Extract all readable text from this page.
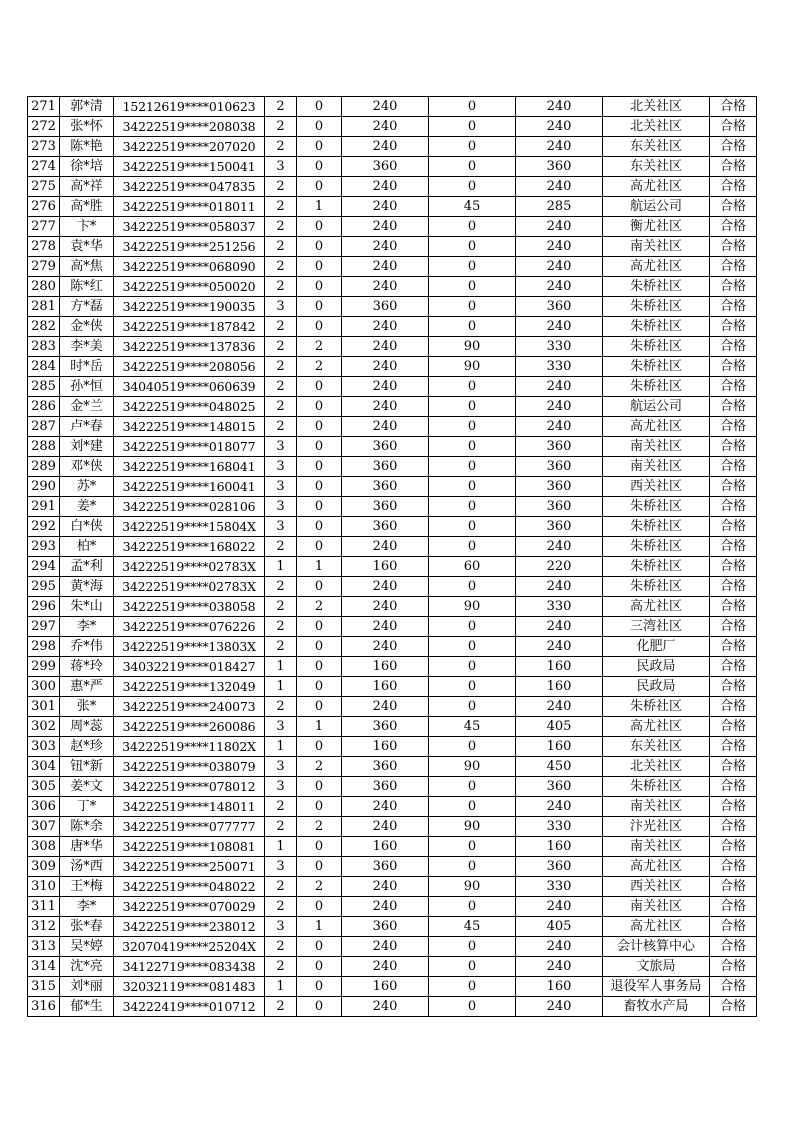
271	郭*清	15212619****010623	2	0	240	0	240	北关社区	合格
272	张*怀	34222519****208038	2	0	240	0	240	北关社区	合格
273	陈*艳	34222519****207020	2	0	240	0	240	东关社区	合格
274	徐*培	34222519****150041	3	0	360	0	360	东关社区	合格
275	高*祥	34222519****047835	2	0	240	0	240	高尤社区	合格
276	高*胜	34222519****018011	2	1	240	45	285	航运公司	合格
277	卞*	34222519****058037	2	0	240	0	240	衡尤社区	合格
278	袁*华	34222519****251256	2	0	240	0	240	南关社区	合格
279	高*焦	34222519****068090	2	0	240	0	240	高尤社区	合格
280	陈*红	34222519****050020	2	0	240	0	240	朱桥社区	合格
281	方*磊	34222519****190035	3	0	360	0	360	朱桥社区	合格
282	金*侠	34222519****187842	2	0	240	0	240	朱桥社区	合格
283	李*美	34222519****137836	2	2	240	90	330	朱桥社区	合格
284	时*岳	34222519****208056	2	2	240	90	330	朱桥社区	合格
285	孙*恒	34040519****060639	2	0	240	0	240	朱桥社区	合格
286	金*兰	34222519****048025	2	0	240	0	240	航运公司	合格
287	卢*春	34222519****148015	2	0	240	0	240	高尤社区	合格
288	刘*建	34222519****018077	3	0	360	0	360	南关社区	合格
289	邓*侠	34222519****168041	3	0	360	0	360	南关社区	合格
290	苏*	34222519****160041	3	0	360	0	360	西关社区	合格
291	姜*	34222519****028106	3	0	360	0	360	朱桥社区	合格
292	白*侠	34222519****15804X	3	0	360	0	360	朱桥社区	合格
293	柏*	34222519****168022	2	0	240	0	240	朱桥社区	合格
294	孟*利	34222519****02783X	1	1	160	60	220	朱桥社区	合格
295	黄*海	34222519****02783X	2	0	240	0	240	朱桥社区	合格
296	朱*山	34222519****038058	2	2	240	90	330	高尤社区	合格
297	李*	34222519****076226	2	0	240	0	240	三湾社区	合格
298	乔*伟	34222519****13803X	2	0	240	0	240	化肥厂	合格
299	蒋*玲	34032219****018427	1	0	160	0	160	民政局	合格
300	惠*严	34222519****132049	1	0	160	0	160	民政局	合格
301	张*	34222519****240073	2	0	240	0	240	朱桥社区	合格
302	周*蕊	34222519****260086	3	1	360	45	405	高尤社区	合格
303	赵*珍	34222519****11802X	1	0	160	0	160	东关社区	合格
304	钮*新	34222519****038079	3	2	360	90	450	北关社区	合格
305	姜*文	34222519****078012	3	0	360	0	360	朱桥社区	合格
306	丁*	34222519****148011	2	0	240	0	240	南关社区	合格
307	陈*余	34222519****077777	2	2	240	90	330	汴光社区	合格
308	唐*华	34222519****108081	1	0	160	0	160	南关社区	合格
309	汤*西	34222519****250071	3	0	360	0	360	高尤社区	合格
310	王*梅	34222519****048022	2	2	240	90	330	西关社区	合格
311	李*	34222519****070029	2	0	240	0	240	南关社区	合格
312	张*春	34222519****238012	3	1	360	45	405	高尤社区	合格
313	吴*婷	32070419****25204X	2	0	240	0	240	会计核算中心	合格
314	沈*亮	34122719****083438	2	0	240	0	240	文旅局	合格
315	刘*丽	32032119****081483	1	0	160	0	160	退役军人事务局	合格
316	郁*生	34222419****010712	2	0	240	0	240	畜牧水产局	合格
